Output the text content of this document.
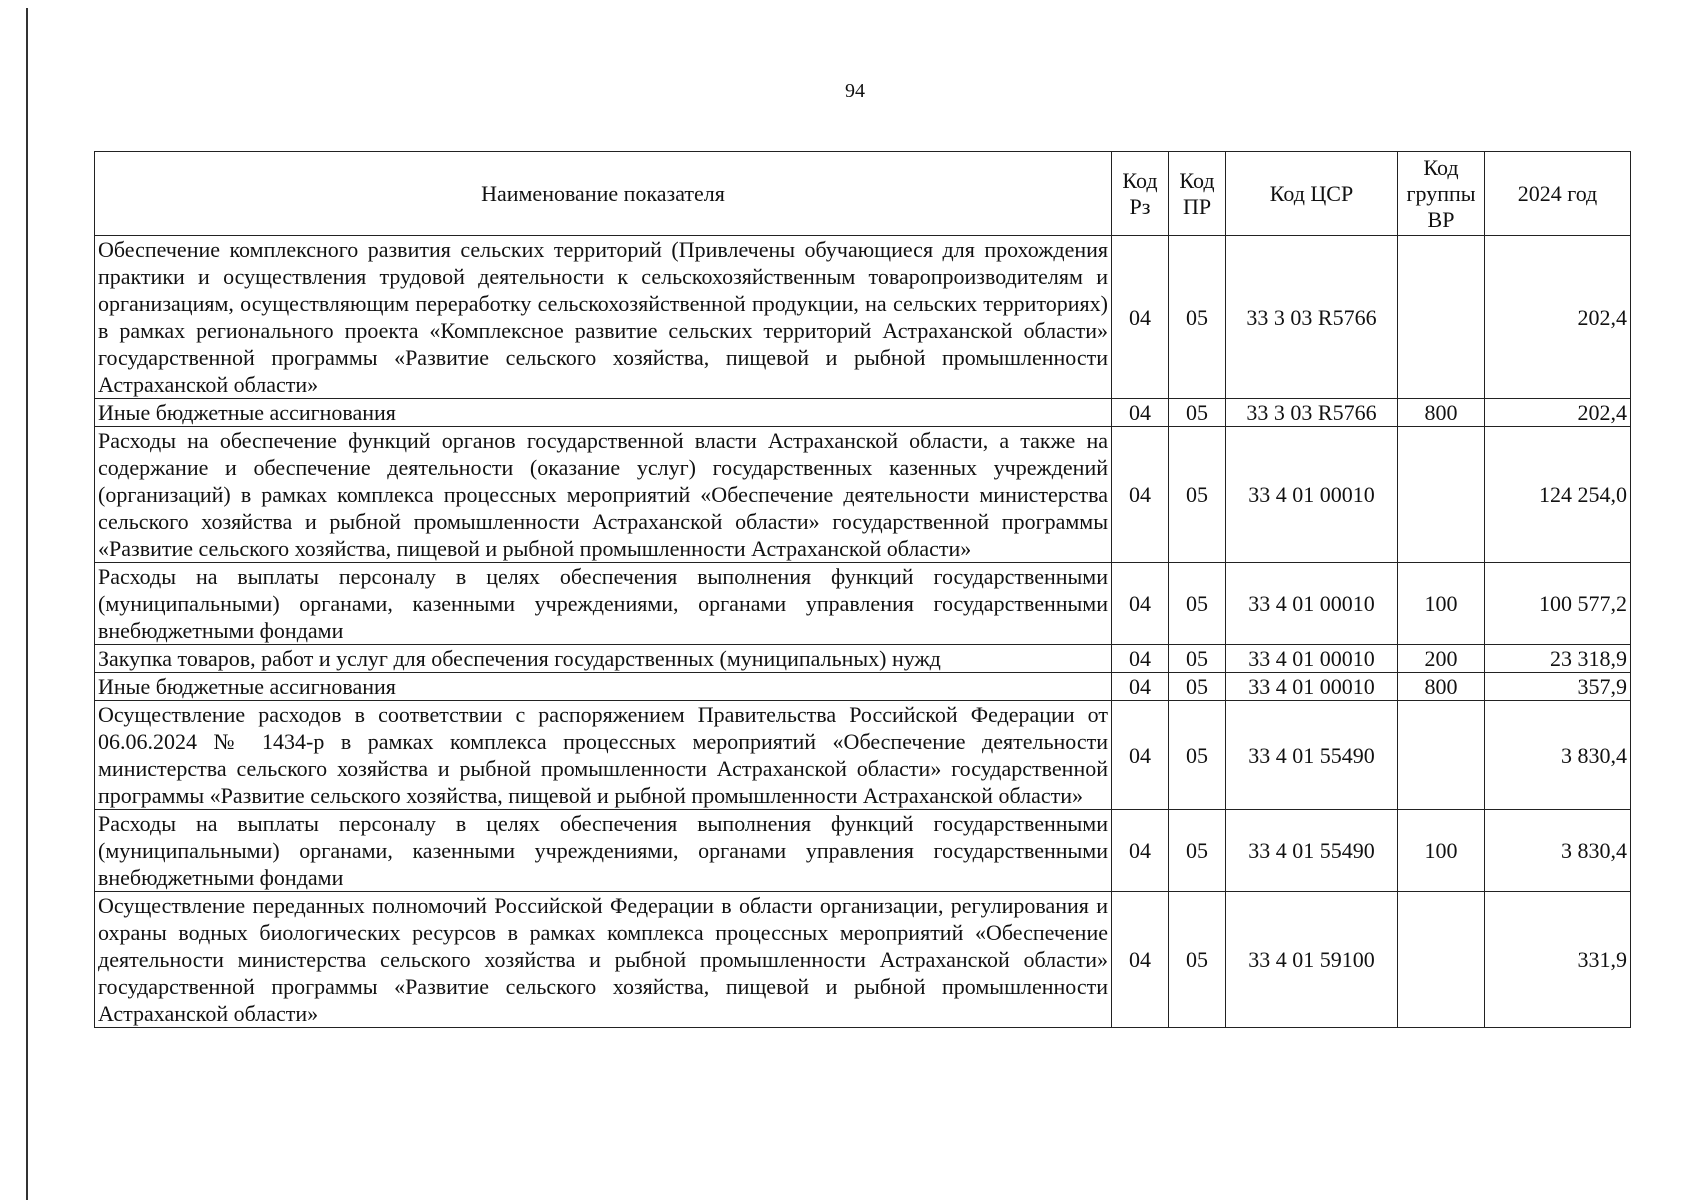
94
Наименование показателя	Код Рз	Код ПР	Код ЦСР	Код группы ВР	2024 год
Обеспечение комплексного развития сельских территорий (Привлечены обучающиеся для прохождения практики и осуществления трудовой деятельности к сельскохозяйственным товаропроизводителям и организациям, осуществляющим переработку сельскохозяйственной продукции, на сельских территориях) в рамках регионального проекта «Комплексное развитие сельских территорий Астраханской области» государственной программы «Развитие сельского хозяйства, пищевой и рыбной промышленности Астраханской области»	04	05	33 3 03 R5766		202,4
Иные бюджетные ассигнования	04	05	33 3 03 R5766	800	202,4
Расходы на обеспечение функций органов государственной власти Астраханской области, а также на содержание и обеспечение деятельности (оказание услуг) государственных казенных учреждений (организаций) в рамках комплекса процессных мероприятий «Обеспечение деятельности министерства сельского хозяйства и рыбной промышленности Астраханской области» государственной программы «Развитие сельского хозяйства, пищевой и рыбной промышленности Астраханской области»	04	05	33 4 01 00010		124 254,0
Расходы на выплаты персоналу в целях обеспечения выполнения функций государственными (муниципальными) органами, казенными учреждениями, органами управления государственными внебюджетными фондами	04	05	33 4 01 00010	100	100 577,2
Закупка товаров, работ и услуг для обеспечения государственных (муниципальных) нужд	04	05	33 4 01 00010	200	23 318,9
Иные бюджетные ассигнования	04	05	33 4 01 00010	800	357,9
Осуществление расходов в соответствии с распоряжением Правительства Российской Федерации от 06.06.2024 № 1434-р в рамках комплекса процессных мероприятий «Обеспечение деятельности министерства сельского хозяйства и рыбной промышленности Астраханской области» государственной программы «Развитие сельского хозяйства, пищевой и рыбной промышленности Астраханской области»	04	05	33 4 01 55490		3 830,4
Расходы на выплаты персоналу в целях обеспечения выполнения функций государственными (муниципальными) органами, казенными учреждениями, органами управления государственными внебюджетными фондами	04	05	33 4 01 55490	100	3 830,4
Осуществление переданных полномочий Российской Федерации в области организации, регулирования и охраны водных биологических ресурсов в рамках комплекса процессных мероприятий «Обеспечение деятельности министерства сельского хозяйства и рыбной промышленности Астраханской области» государственной программы «Развитие сельского хозяйства, пищевой и рыбной промышленности Астраханской области»	04	05	33 4 01 59100		331,9
